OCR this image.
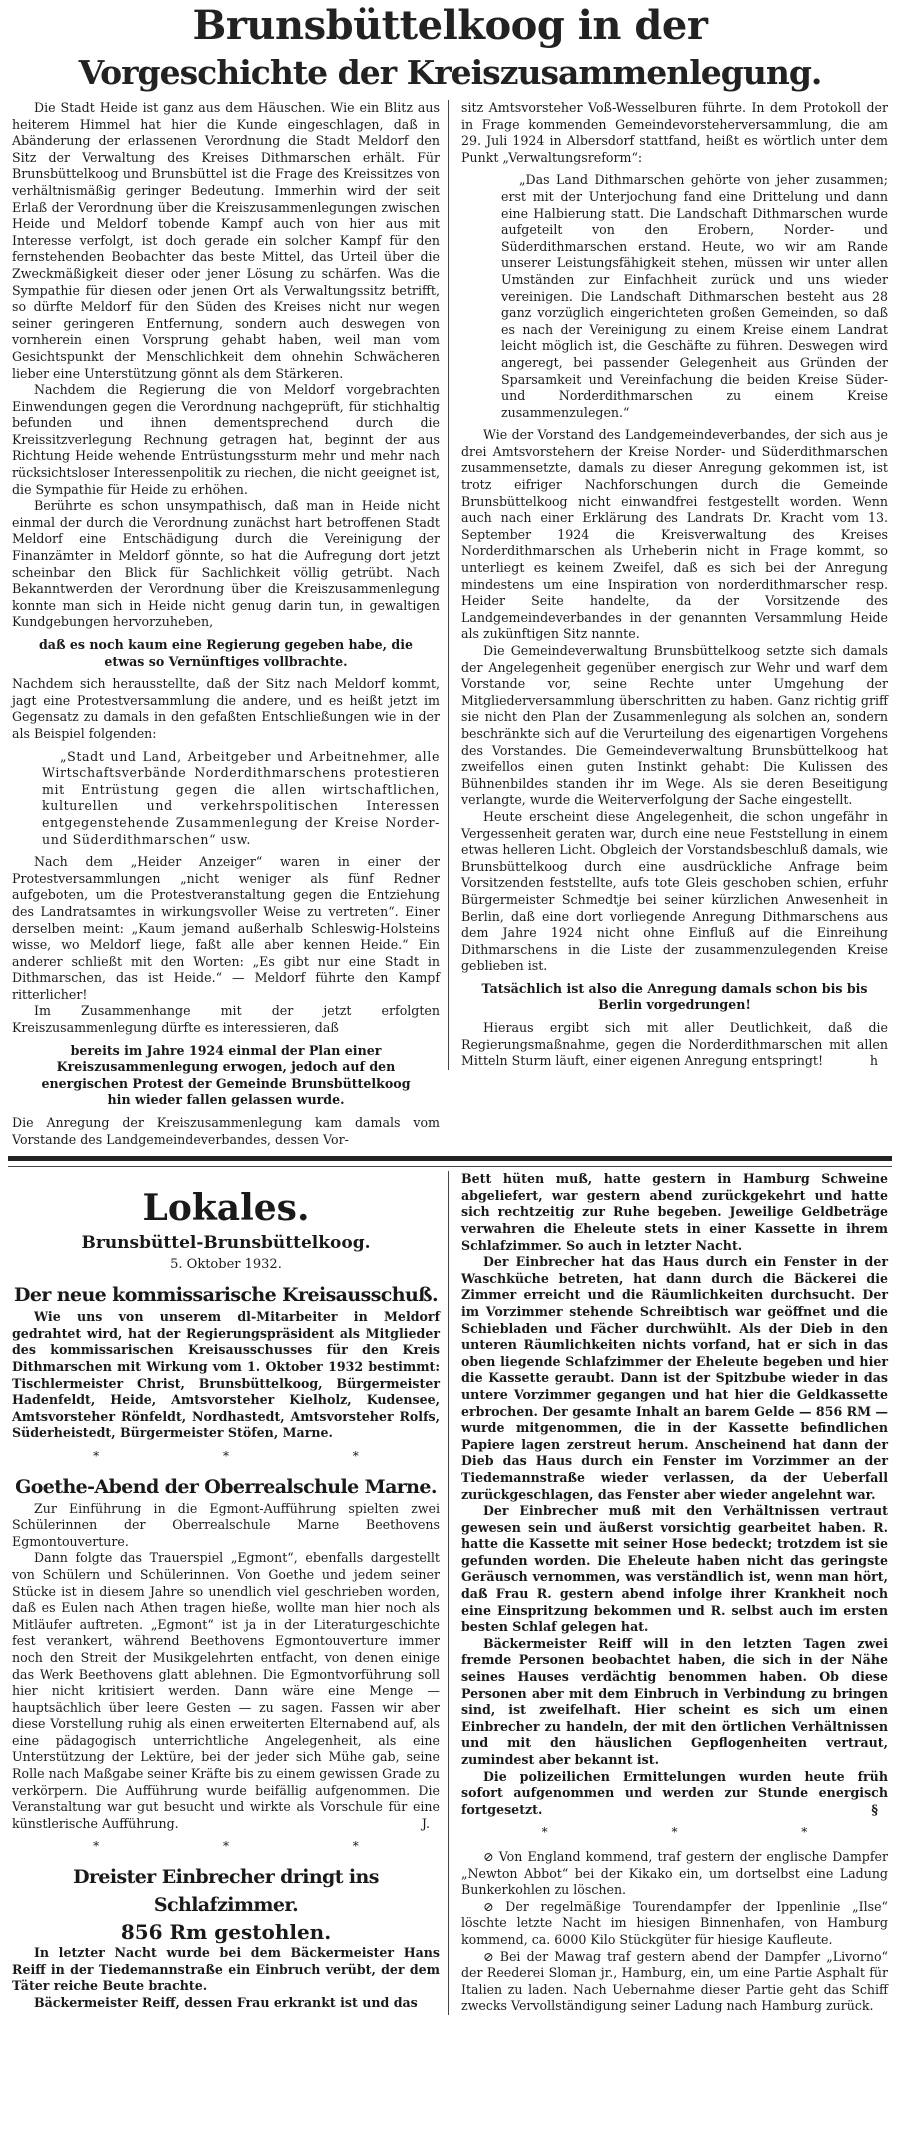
Brunsbüttelkoog in der
Vorgeschichte der Kreiszusammenlegung.

Die Stadt Heide ist ganz aus dem Häuschen. Wie ein Blitz aus heiterem Himmel hat hier die Kunde eingeschlagen, daß in Abänderung der erlassenen Verordnung die Stadt Meldorf den Sitz der Verwaltung des Kreises Dithmarschen erhält. Für Brunsbüttelkoog und Brunsbüttel ist die Frage des Kreissitzes von verhältnismäßig geringer Bedeutung. Immerhin wird der seit Erlaß der Verordnung über die Kreiszusammenlegungen zwischen Heide und Meldorf tobende Kampf auch von hier aus mit Interesse verfolgt, ist doch gerade ein solcher Kampf für den fernstehenden Beobachter das beste Mittel, das Urteil über die Zweckmäßigkeit dieser oder jener Lösung zu schärfen. Was die Sympathie für diesen oder jenen Ort als Verwaltungssitz betrifft, so dürfte Meldorf für den Süden des Kreises nicht nur wegen seiner geringeren Entfernung, sondern auch deswegen von vornherein einen Vorsprung gehabt haben, weil man vom Gesichtspunkt der Menschlichkeit dem ohnehin Schwächeren lieber eine Unterstützung gönnt als dem Stärkeren.

Nachdem die Regierung die von Meldorf vorgebrachten Einwendungen gegen die Verordnung nachgeprüft, für stichhaltig befunden und ihnen dementsprechend durch die Kreissitzverlegung Rechnung getragen hat, beginnt der aus Richtung Heide wehende Entrüstungssturm mehr und mehr nach rücksichtsloser Interessenpolitik zu riechen, die nicht geeignet ist, die Sympathie für Heide zu erhöhen.

Berührte es schon unsympathisch, daß man in Heide nicht einmal der durch die Verordnung zunächst hart betroffenen Stadt Meldorf eine Entschädigung durch die Vereinigung der Finanzämter in Meldorf gönnte, so hat die Aufregung dort jetzt scheinbar den Blick für Sachlichkeit völlig getrübt. Nach Bekanntwerden der Verordnung über die Kreiszusammenlegung konnte man sich in Heide nicht genug darin tun, in gewaltigen Kundgebungen hervorzuheben,

daß es noch kaum eine Regierung gegeben habe, die etwas so Vernünftiges vollbrachte.

Nachdem sich herausstellte, daß der Sitz nach Meldorf kommt, jagt eine Protestversammlung die andere, und es heißt jetzt im Gegensatz zu damals in den gefaßten Entschließungen wie in der als Beispiel folgenden:

„Stadt und Land, Arbeitgeber und Arbeitnehmer, alle Wirtschaftsverbände Norderdithmarschens protestieren mit Entrüstung gegen die allen wirtschaftlichen, kulturellen und verkehrspolitischen Interessen entgegenstehende Zusammenlegung der Kreise Norder- und Süderdithmarschen“ usw.

Nach dem „Heider Anzeiger“ waren in einer der Protestversammlungen „nicht weniger als fünf Redner aufgeboten, um die Protestveranstaltung gegen die Entziehung des Landratsamtes in wirkungsvoller Weise zu vertreten“. Einer derselben meint: „Kaum jemand außerhalb Schleswig-Holsteins wisse, wo Meldorf liege, faßt alle aber kennen Heide.“ Ein anderer schließt mit den Worten: „Es gibt nur eine Stadt in Dithmarschen, das ist Heide.“ — Meldorf führte den Kampf ritterlicher!

Im Zusammenhange mit der jetzt erfolgten Kreiszusammenlegung dürfte es interessieren, daß

bereits im Jahre 1924 einmal der Plan einer Kreiszusammenlegung erwogen, jedoch auf den energischen Protest der Gemeinde Brunsbüttelkoog hin wieder fallen gelassen wurde.

Die Anregung der Kreiszusammenlegung kam damals vom Vorstande des Landgemeindeverbandes, dessen Vor-

sitz Amtsvorsteher Voß-Wesselburen führte. In dem Protokoll der in Frage kommenden Gemeindevorsteherversammlung, die am 29. Juli 1924 in Albersdorf stattfand, heißt es wörtlich unter dem Punkt „Verwaltungsreform“:

„Das Land Dithmarschen gehörte von jeher zusammen; erst mit der Unterjochung fand eine Drittelung und dann eine Halbierung statt. Die Landschaft Dithmarschen wurde aufgeteilt von den Erobern, Norder- und Süderdithmarschen erstand. Heute, wo wir am Rande unserer Leistungsfähigkeit stehen, müssen wir unter allen Umständen zur Einfachheit zurück und uns wieder vereinigen. Die Landschaft Dithmarschen besteht aus 28 ganz vorzüglich eingerichteten großen Gemeinden, so daß es nach der Vereinigung zu einem Kreise einem Landrat leicht möglich ist, die Geschäfte zu führen. Deswegen wird angeregt, bei passender Gelegenheit aus Gründen der Sparsamkeit und Vereinfachung die beiden Kreise Süder- und Norderdithmarschen zu einem Kreise zusammenzulegen.“

Wie der Vorstand des Landgemeindeverbandes, der sich aus je drei Amtsvorstehern der Kreise Norder- und Süderdithmarschen zusammensetzte, damals zu dieser Anregung gekommen ist, ist trotz eifriger Nachforschungen durch die Gemeinde Brunsbüttelkoog nicht einwandfrei festgestellt worden. Wenn auch nach einer Erklärung des Landrats Dr. Kracht vom 13. September 1924 die Kreisverwaltung des Kreises Norderdithmarschen als Urheberin nicht in Frage kommt, so unterliegt es keinem Zweifel, daß es sich bei der Anregung mindestens um eine Inspiration von norderdithmarscher resp. Heider Seite handelte, da der Vorsitzende des Landgemeindeverbandes in der genannten Versammlung Heide als zukünftigen Sitz nannte.

Die Gemeindeverwaltung Brunsbüttelkoog setzte sich damals der Angelegenheit gegenüber energisch zur Wehr und warf dem Vorstande vor, seine Rechte unter Umgehung der Mitgliederversammlung überschritten zu haben. Ganz richtig griff sie nicht den Plan der Zusammenlegung als solchen an, sondern beschränkte sich auf die Verurteilung des eigenartigen Vorgehens des Vorstandes. Die Gemeindeverwaltung Brunsbüttelkoog hat zweifellos einen guten Instinkt gehabt: Die Kulissen des Bühnenbildes standen ihr im Wege. Als sie deren Beseitigung verlangte, wurde die Weiterverfolgung der Sache eingestellt.

Heute erscheint diese Angelegenheit, die schon ungefähr in Vergessenheit geraten war, durch eine neue Feststellung in einem etwas helleren Licht. Obgleich der Vorstandsbeschluß damals, wie Brunsbüttelkoog durch eine ausdrückliche Anfrage beim Vorsitzenden feststellte, aufs tote Gleis geschoben schien, erfuhr Bürgermeister Schmedtje bei seiner kürzlichen Anwesenheit in Berlin, daß eine dort vorliegende Anregung Dithmarschens aus dem Jahre 1924 nicht ohne Einfluß auf die Einreihung Dithmarschens in die Liste der zusammenzulegenden Kreise geblieben ist.

Tatsächlich ist also die Anregung damals schon bis bis Berlin vorgedrungen!

Hieraus ergibt sich mit aller Deutlichkeit, daß die Regierungsmaßnahme, gegen die Norderdithmarschen mit allen Mitteln Sturm läuft, einer eigenen Anregung entspringt!	h

Lokales.
Brunsbüttel-Brunsbüttelkoog.
5. Oktober 1932.
Der neue kommissarische Kreisausschuß.

Wie uns von unserem dl-Mitarbeiter in Meldorf gedrahtet wird, hat der Regierungspräsident als Mitglieder des kommissarischen Kreisausschusses für den Kreis Dithmarschen mit Wirkung vom 1. Oktober 1932 bestimmt: Tischlermeister Christ, Brunsbüttelkoog, Bürgermeister Hadenfeldt, Heide, Amtsvorsteher Kielholz, Kudensee, Amtsvorsteher Rönfeldt, Nordhastedt, Amtsvorsteher Rolfs, Süderheistedt, Bürgermeister Stöfen, Marne.

* * *
Goethe-Abend der Oberrealschule Marne.

Zur Einführung in die Egmont-Aufführung spielten zwei Schülerinnen der Oberrealschule Marne Beethovens Egmontouverture.

Dann folgte das Trauerspiel „Egmont“, ebenfalls dargestellt von Schülern und Schülerinnen. Von Goethe und jedem seiner Stücke ist in diesem Jahre so unendlich viel geschrieben worden, daß es Eulen nach Athen tragen hieße, wollte man hier noch als Mitläufer auftreten. „Egmont“ ist ja in der Literaturgeschichte fest verankert, während Beethovens Egmontouverture immer noch den Streit der Musikgelehrten entfacht, von denen einige das Werk Beethovens glatt ablehnen. Die Egmontvorführung soll hier nicht kritisiert werden. Dann wäre eine Menge — hauptsächlich über leere Gesten — zu sagen. Fassen wir aber diese Vorstellung ruhig als einen erweiterten Elternabend auf, als eine pädagogisch unterrichtliche Angelegenheit, als eine Unterstützung der Lektüre, bei der jeder sich Mühe gab, seine Rolle nach Maßgabe seiner Kräfte bis zu einem gewissen Grade zu verkörpern. Die Aufführung wurde beifällig aufgenommen. Die Veranstaltung war gut besucht und wirkte als Vorschule für eine künstlerische Aufführung.	J.

* * *
Dreister Einbrecher dringt ins Schlafzimmer.
856 Rm gestohlen.

In letzter Nacht wurde bei dem Bäckermeister Hans Reiff in der Tiedemannstraße ein Einbruch verübt, der dem Täter reiche Beute brachte.

Bäckermeister Reiff, dessen Frau erkrankt ist und das

Bett hüten muß, hatte gestern in Hamburg Schweine abgeliefert, war gestern abend zurückgekehrt und hatte sich rechtzeitig zur Ruhe begeben. Jeweilige Geldbeträge verwahren die Eheleute stets in einer Kassette in ihrem Schlafzimmer. So auch in letzter Nacht.

Der Einbrecher hat das Haus durch ein Fenster in der Waschküche betreten, hat dann durch die Bäckerei die Zimmer erreicht und die Räumlichkeiten durchsucht. Der im Vorzimmer stehende Schreibtisch war geöffnet und die Schiebladen und Fächer durchwühlt. Als der Dieb in den unteren Räumlichkeiten nichts vorfand, hat er sich in das oben liegende Schlafzimmer der Eheleute begeben und hier die Kassette geraubt. Dann ist der Spitzbube wieder in das untere Vorzimmer gegangen und hat hier die Geldkassette erbrochen. Der gesamte Inhalt an barem Gelde — 856 RM — wurde mitgenommen, die in der Kassette befindlichen Papiere lagen zerstreut herum. Anscheinend hat dann der Dieb das Haus durch ein Fenster im Vorzimmer an der Tiedemannstraße wieder verlassen, da der Ueberfall zurückgeschlagen, das Fenster aber wieder angelehnt war.

Der Einbrecher muß mit den Verhältnissen vertraut gewesen sein und äußerst vorsichtig gearbeitet haben. R. hatte die Kassette mit seiner Hose bedeckt; trotzdem ist sie gefunden worden. Die Eheleute haben nicht das geringste Geräusch vernommen, was verständlich ist, wenn man hört, daß Frau R. gestern abend infolge ihrer Krankheit noch eine Einspritzung bekommen und R. selbst auch im ersten besten Schlaf gelegen hat.

Bäckermeister Reiff will in den letzten Tagen zwei fremde Personen beobachtet haben, die sich in der Nähe seines Hauses verdächtig benommen haben. Ob diese Personen aber mit dem Einbruch in Verbindung zu bringen sind, ist zweifelhaft. Hier scheint es sich um einen Einbrecher zu handeln, der mit den örtlichen Verhältnissen und mit den häuslichen Gepflogenheiten vertraut, zumindest aber bekannt ist.

Die polizeilichen Ermittelungen wurden heute früh sofort aufgenommen und werden zur Stunde energisch fortgesetzt.	§

* * *

⊘ Von England kommend, traf gestern der englische Dampfer „Newton Abbot“ bei der Kikako ein, um dortselbst eine Ladung Bunkerkohlen zu löschen.

⊘ Der regelmäßige Tourendampfer der Ippenlinie „Ilse“ löschte letzte Nacht im hiesigen Binnenhafen, von Hamburg kommend, ca. 6000 Kilo Stückgüter für hiesige Kaufleute.

⊘ Bei der Mawag traf gestern abend der Dampfer „Livorno“ der Reederei Sloman jr., Hamburg, ein, um eine Partie Asphalt für Italien zu laden. Nach Uebernahme dieser Partie geht das Schiff zwecks Vervollständigung seiner Ladung nach Hamburg zurück.
